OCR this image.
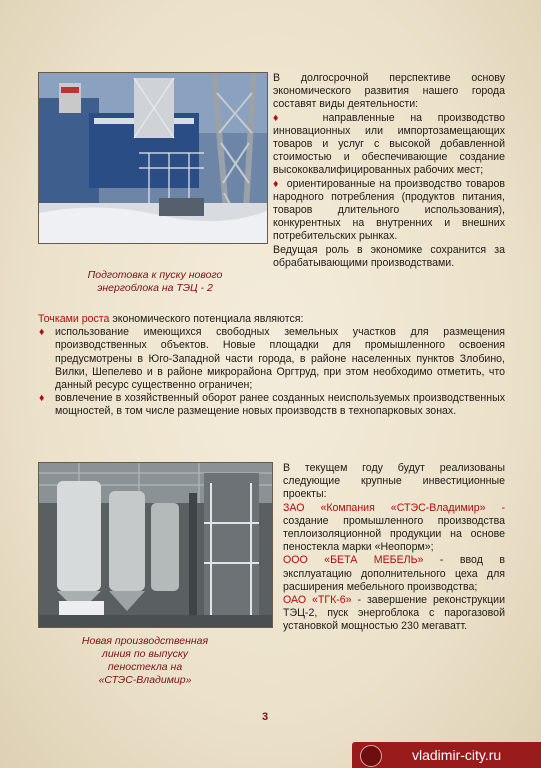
Подготовка к пуску нового
энергоблока на ТЭЦ - 2

В долгосрочной перспективе основу экономического развития нашего города составят виды деятельности:

♦	направленные на производство инновационных или импортозамещающих товаров и услуг с высокой добавленной стоимостью и обеспечивающие создание высококвалифицированных рабочих мест;

♦ ориентированные на производство товаров народного потребления (продуктов питания, товаров длительного использования), конкурентных на внутренних и внешних потребительских рынках.

Ведущая роль в экономике сохранится за обрабатывающими производствами.

Точками роста экономического потенциала являются:

♦ использование имеющихся свободных земельных участков для размещения производственных объектов. Новые площадки для промышленного освоения предусмотрены в Юго-Западной части города, в районе населенных пунктов Злобино, Вилки, Шепелево и в районе микрорайона Оргтруд, при этом необходимо отметить, что данный ресурс существенно ограничен;
♦ вовлечение в хозяйственный оборот ранее созданных неиспользуемых производственных мощностей, в том числе размещение новых производств в технопарковых зонах.
Новая производственная
линия по выпуску
пеностекла на
«СТЭС-Владимир»

В текущем году будут реализованы следующие крупные инвестиционные проекты:

ЗАО «Компания «СТЭС-Владимир» - создание промышленного производства теплоизоляционной продукции на основе пеностекла марки «Неопорм»;

ООО «БЕТА МЕБЕЛЬ» - ввод в эксплуатацию дополнительного цеха для расширения мебельного производства;

ОАО «ТГК-6» - завершение реконструкции ТЭЦ-2, пуск энергоблока с парогазовой установкой мощностью 230 мегаватт.

3
vladimir-city.ru
